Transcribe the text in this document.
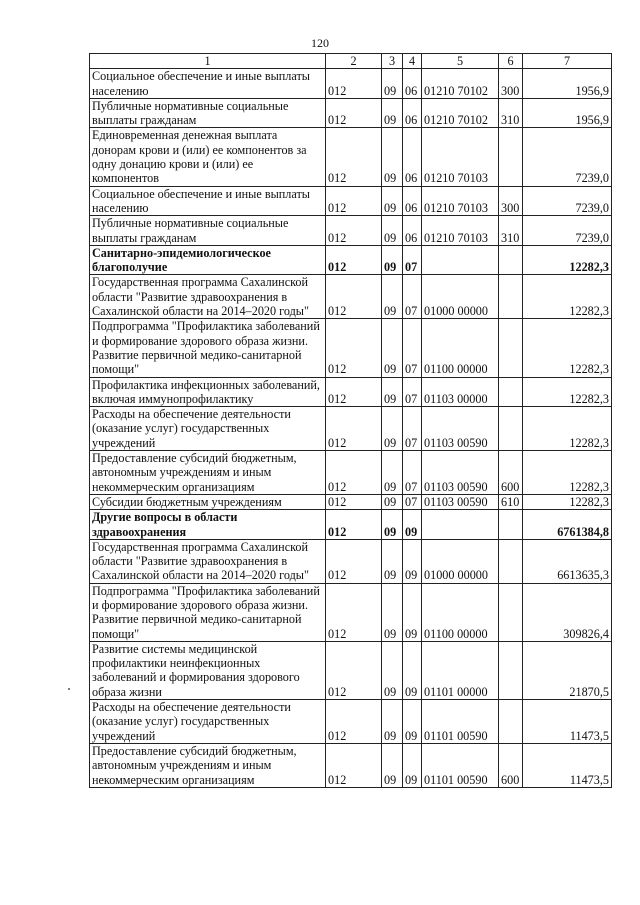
120
1	2	3	4	5	6	7
Социальное обеспечение и иные выплаты населению	012	09	06	01210 70102	300	1956,9
Публичные нормативные социальные выплаты гражданам	012	09	06	01210 70102	310	1956,9
Единовременная денежная выплата донорам крови и (или) ее компонентов за одну донацию крови и (или) ее компонентов	012	09	06	01210 70103		7239,0
Социальное обеспечение и иные выплаты населению	012	09	06	01210 70103	300	7239,0
Публичные нормативные социальные выплаты гражданам	012	09	06	01210 70103	310	7239,0
Санитарно-эпидемиологическое благополучие	012	09	07			12282,3
Государственная программа Сахалинской области "Развитие здравоохранения в Сахалинской области на 2014–2020 годы"	012	09	07	01000 00000		12282,3
Подпрограмма "Профилактика заболеваний и формирование здорового образа жизни. Развитие первичной медико-санитарной помощи"	012	09	07	01100 00000		12282,3
Профилактика инфекционных заболеваний, включая иммунопрофилактику	012	09	07	01103 00000		12282,3
Расходы на обеспечение деятельности (оказание услуг) государственных учреждений	012	09	07	01103 00590		12282,3
Предоставление субсидий бюджетным, автономным учреждениям и иным некоммерческим организациям	012	09	07	01103 00590	600	12282,3
Субсидии бюджетным учреждениям	012	09	07	01103 00590	610	12282,3
Другие вопросы в области здравоохранения	012	09	09			6761384,8
Государственная программа Сахалинской области "Развитие здравоохранения в Сахалинской области на 2014–2020 годы"	012	09	09	01000 00000		6613635,3
Подпрограмма "Профилактика заболеваний и формирование здорового образа жизни. Развитие первичной медико-санитарной помощи"	012	09	09	01100 00000		309826,4
Развитие системы медицинской профилактики неинфекционных заболеваний и формирования здорового образа жизни	012	09	09	01101 00000		21870,5
Расходы на обеспечение деятельности (оказание услуг) государственных учреждений	012	09	09	01101 00590		11473,5
Предоставление субсидий бюджетным, автономным учреждениям и иным некоммерческим организациям	012	09	09	01101 00590	600	11473,5
